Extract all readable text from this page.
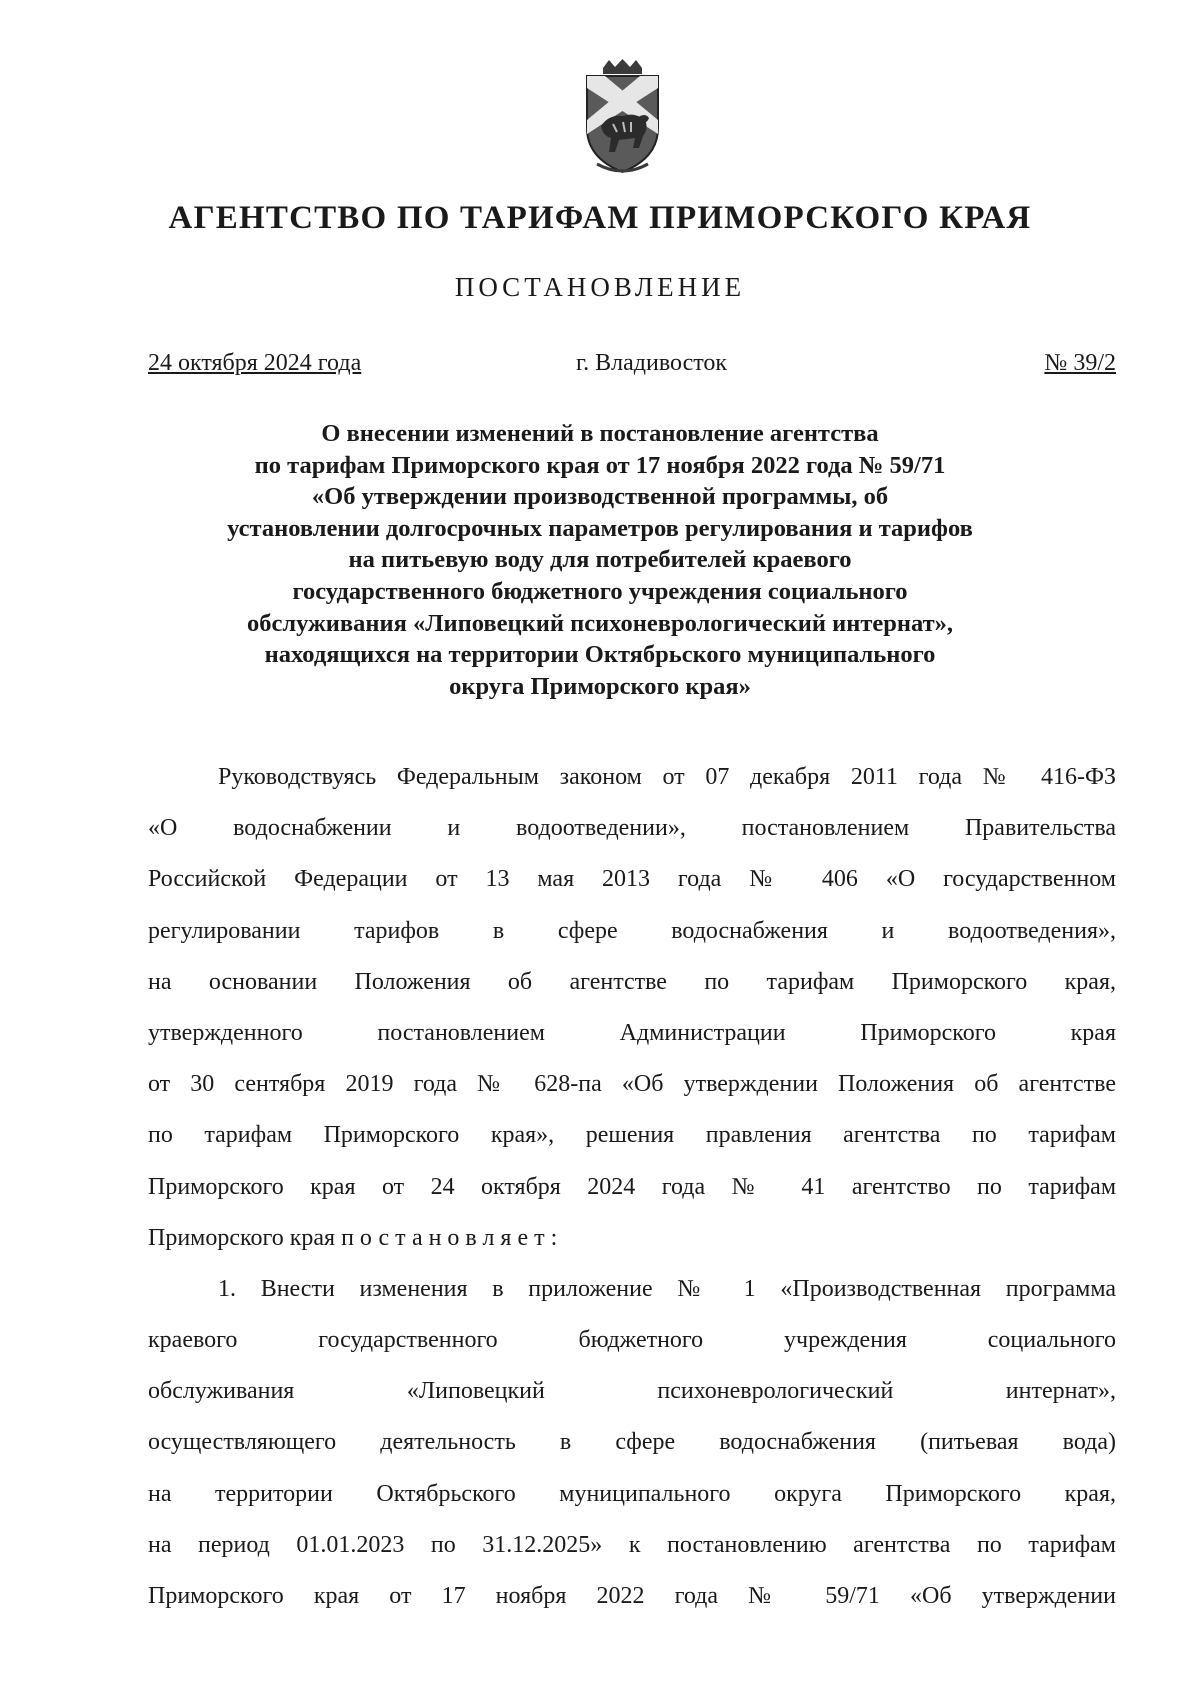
АГЕНТСТВО ПО ТАРИФАМ ПРИМОРСКОГО КРАЯ
ПОСТАНОВЛЕНИЕ
24 октября 2024 года	г. Владивосток	№ 39/2
О внесении изменений в постановление агентства
по тарифам Приморского края от 17 ноября 2022 года № 59/71
«Об утверждении производственной программы, об
установлении долгосрочных параметров регулирования и тарифов
на питьевую воду для потребителей краевого
государственного бюджетного учреждения социального
обслуживания «Липовецкий психоневрологический интернат»,
находящихся на территории Октябрьского муниципального
округа Приморского края»
Руководствуясь Федеральным законом от 07 декабря 2011 года № 416-ФЗ
«О водоснабжении и водоотведении», постановлением Правительства
Российской Федерации от 13 мая 2013 года № 406 «О государственном
регулировании тарифов в сфере водоснабжения и водоотведения»,
на основании Положения об агентстве по тарифам Приморского края,
утвержденного постановлением Администрации Приморского края
от 30 сентября 2019 года № 628-па «Об утверждении Положения об агентстве
по тарифам Приморского края», решения правления агентства по тарифам
Приморского края от 24 октября 2024 года № 41 агентство по тарифам
Приморского края постановляет:
1. Внести изменения в приложение № 1 «Производственная программа
краевого государственного бюджетного учреждения социального
обслуживания «Липовецкий психоневрологический интернат»,
осуществляющего деятельность в сфере водоснабжения (питьевая вода)
на территории Октябрьского муниципального округа Приморского края,
на период 01.01.2023 по 31.12.2025» к постановлению агентства по тарифам
Приморского края от 17 ноября 2022 года № 59/71 «Об утверждении
